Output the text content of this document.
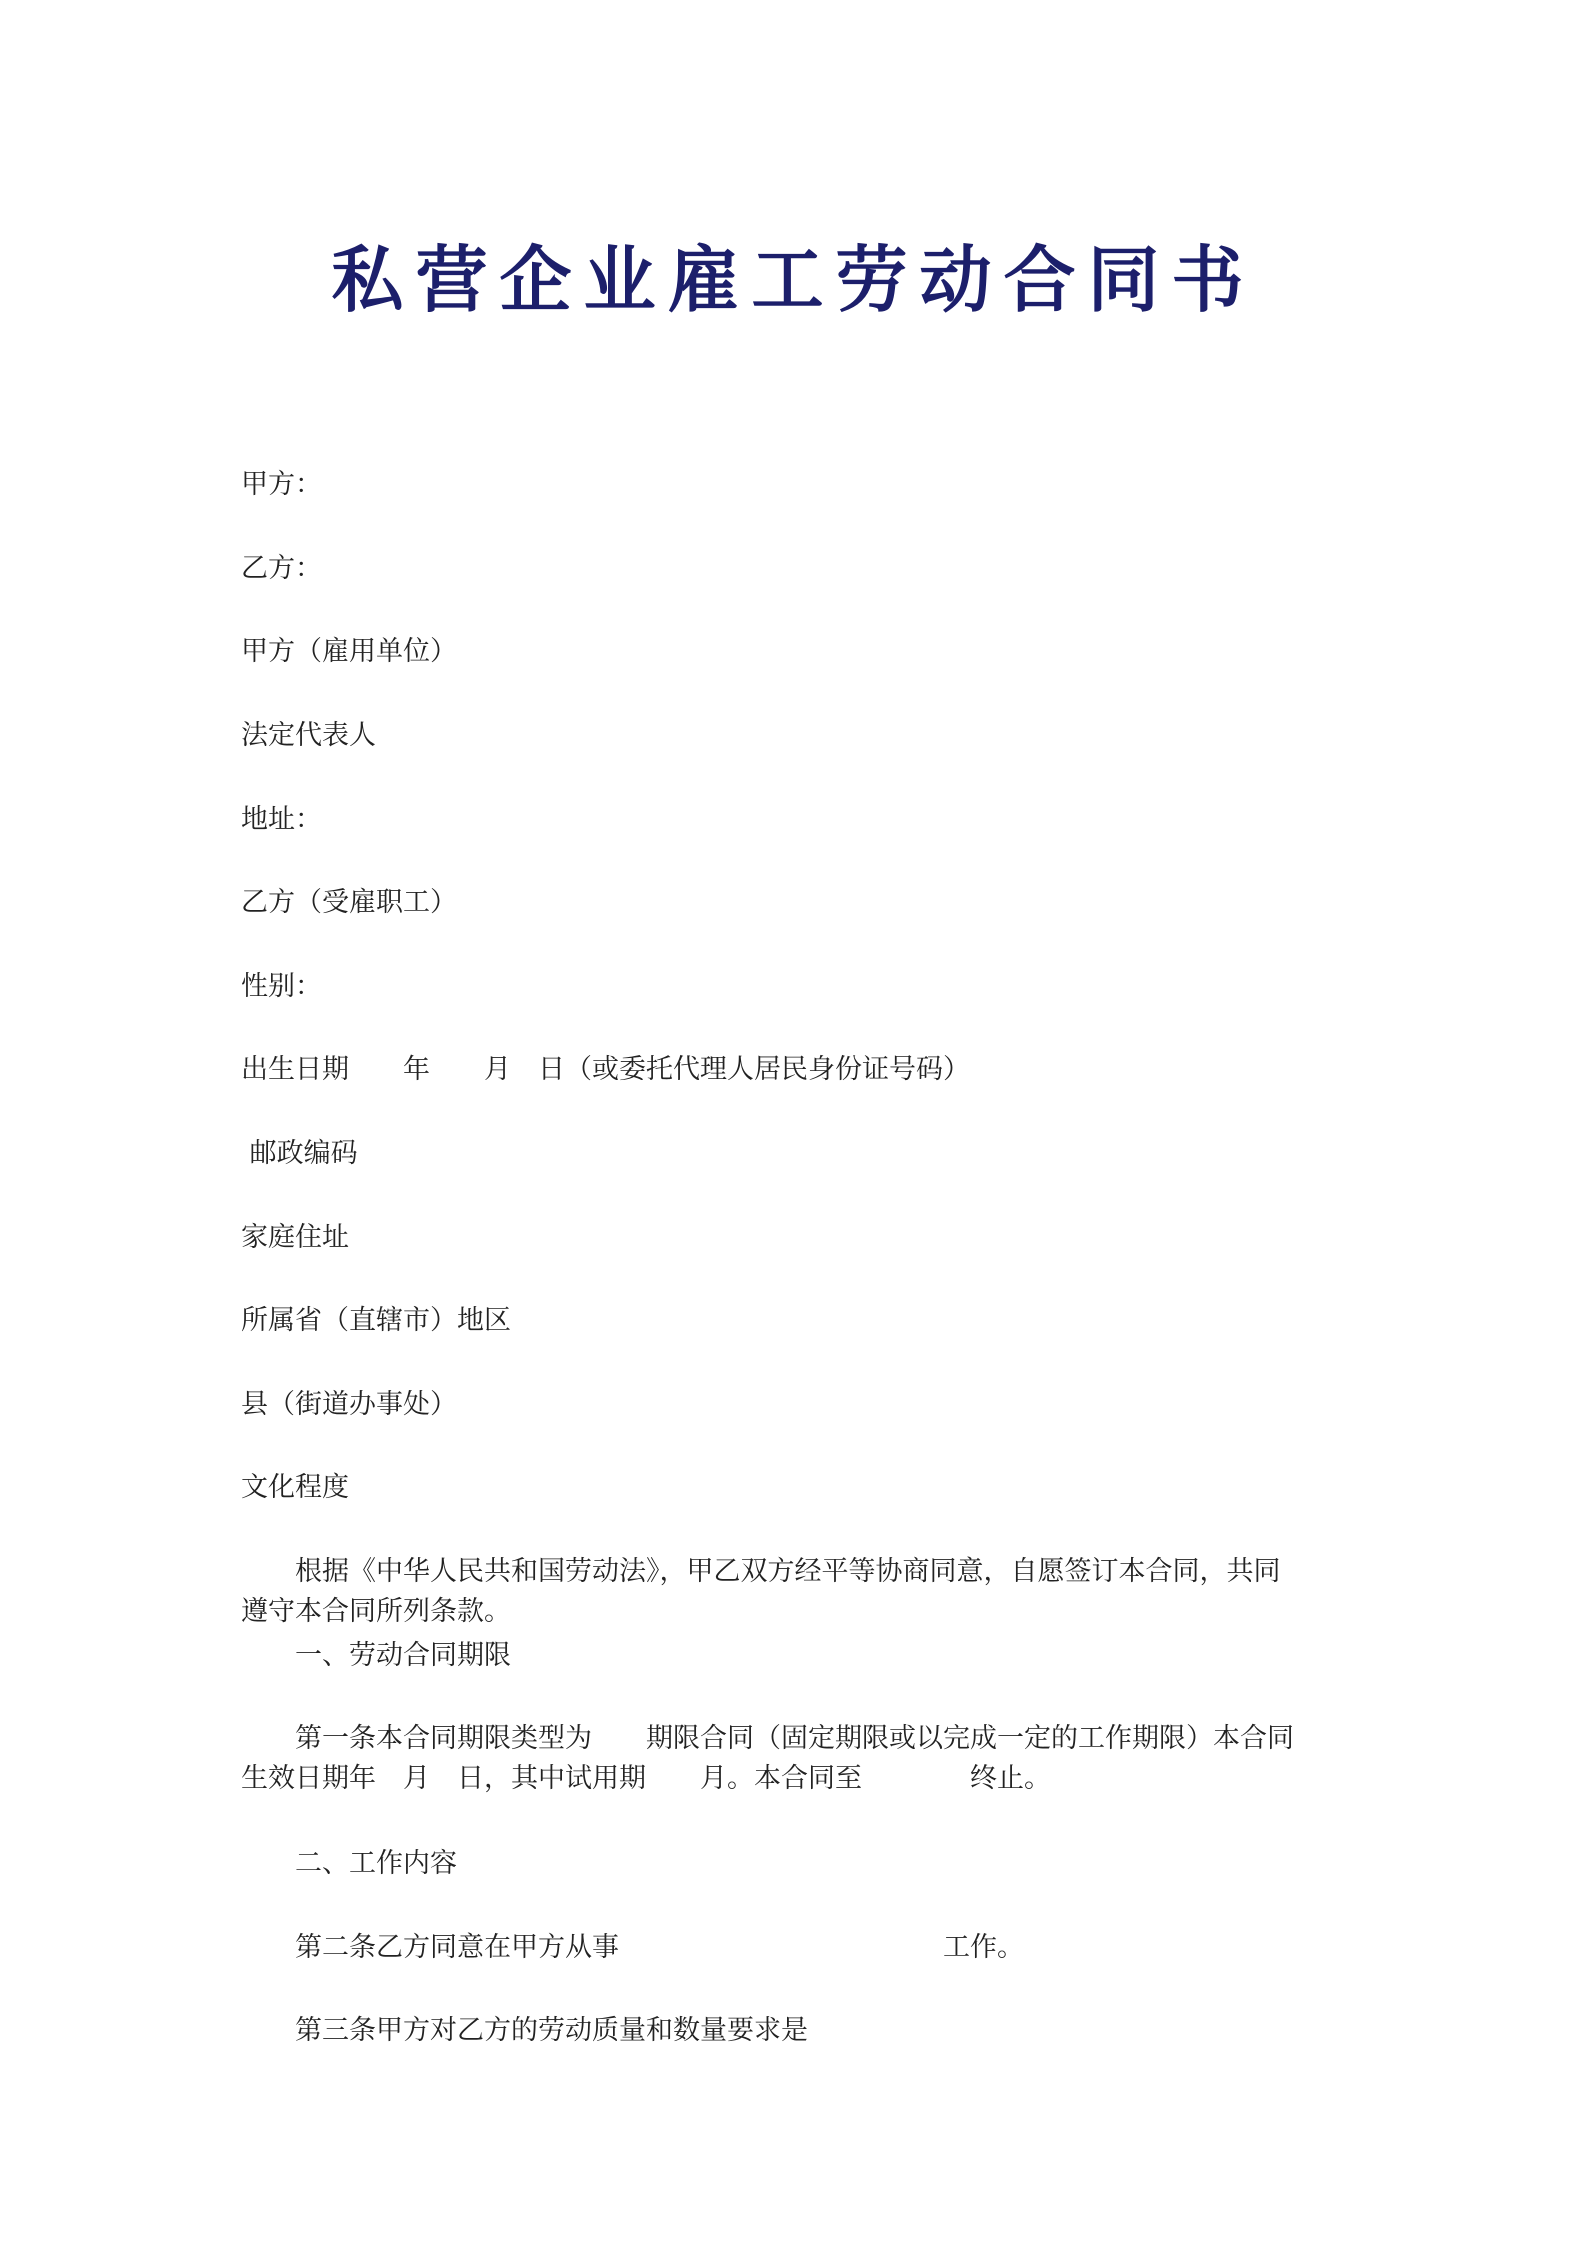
私营企业雇工劳动合同书
甲方：
乙方：
甲方（雇用单位）
法定代表人
地址：
乙方（受雇职工）
性别：
出生日期　　年　　月　日（或委托代理人居民身份证号码）
邮政编码
家庭住址
所属省（直辖市）地区
县（街道办事处）
文化程度
　　根据《中华人民共和国劳动法》，甲乙双方经平等协商同意，自愿签订本合同，共同
遵守本合同所列条款。
　　一、劳动合同期限
　　第一条本合同期限类型为　　期限合同（固定期限或以完成一定的工作期限）本合同
生效日期年　月　日，其中试用期　　月。本合同至　　　　终止。
　　二、工作内容
　　第二条乙方同意在甲方从事　　　　　　　　　　　　工作。
　　第三条甲方对乙方的劳动质量和数量要求是
